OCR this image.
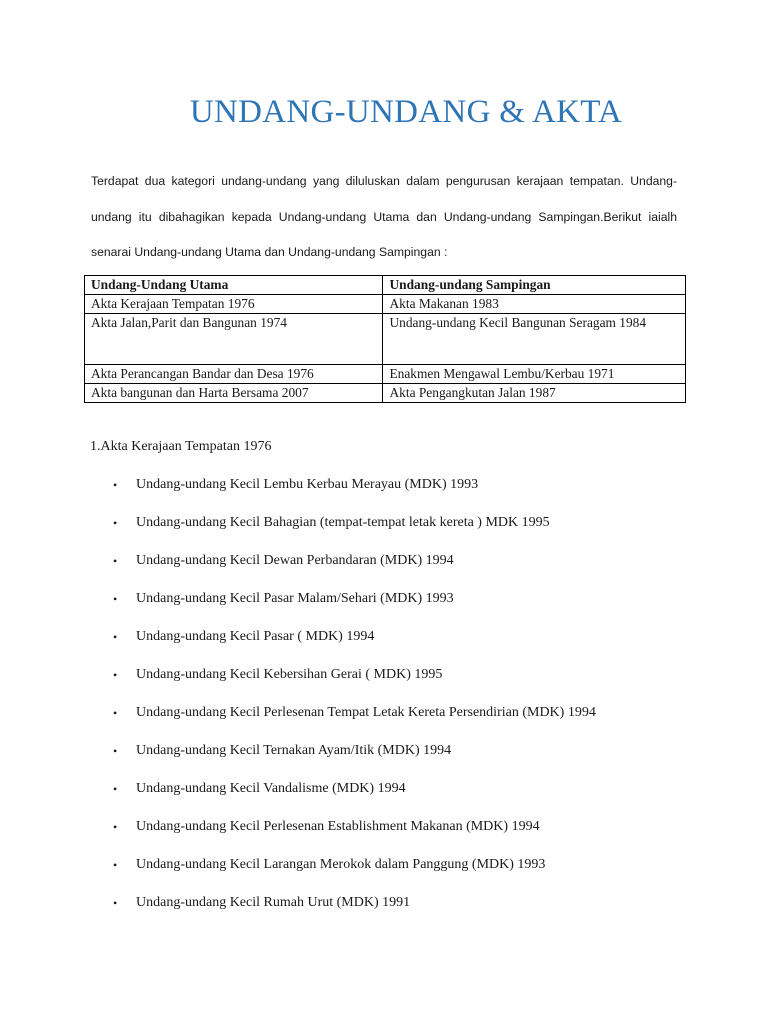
UNDANG-UNDANG & AKTA

Terdapat dua kategori undang-undang yang diluluskan dalam pengurusan kerajaan tempatan. Undang-undang itu dibahagikan kepada Undang-undang Utama dan Undang-undang Sampingan.Berikut iaialh senarai Undang-undang Utama dan Undang-undang Sampingan :

Undang-Undang Utama	Undang-undang Sampingan
Akta Kerajaan Tempatan 1976	Akta Makanan 1983
Akta Jalan,Parit dan Bangunan 1974	Undang-undang Kecil Bangunan Seragam 1984
Akta Perancangan Bandar dan Desa 1976	Enakmen Mengawal Lembu/Kerbau 1971
Akta bangunan dan Harta Bersama 2007	Akta Pengangkutan Jalan 1987
1.Akta Kerajaan Tempatan 1976
• Undang-undang Kecil Lembu Kerbau Merayau (MDK) 1993
• Undang-undang Kecil Bahagian (tempat-tempat letak kereta ) MDK 1995
• Undang-undang Kecil Dewan Perbandaran (MDK) 1994
• Undang-undang Kecil Pasar Malam/Sehari (MDK) 1993
• Undang-undang Kecil Pasar ( MDK) 1994
• Undang-undang Kecil Kebersihan Gerai ( MDK) 1995
• Undang-undang Kecil Perlesenan Tempat Letak Kereta Persendirian (MDK) 1994
• Undang-undang Kecil Ternakan Ayam/Itik (MDK) 1994
• Undang-undang Kecil Vandalisme (MDK) 1994
• Undang-undang Kecil Perlesenan Establishment Makanan (MDK) 1994
• Undang-undang Kecil Larangan Merokok dalam Panggung (MDK) 1993
• Undang-undang Kecil Rumah Urut (MDK) 1991
